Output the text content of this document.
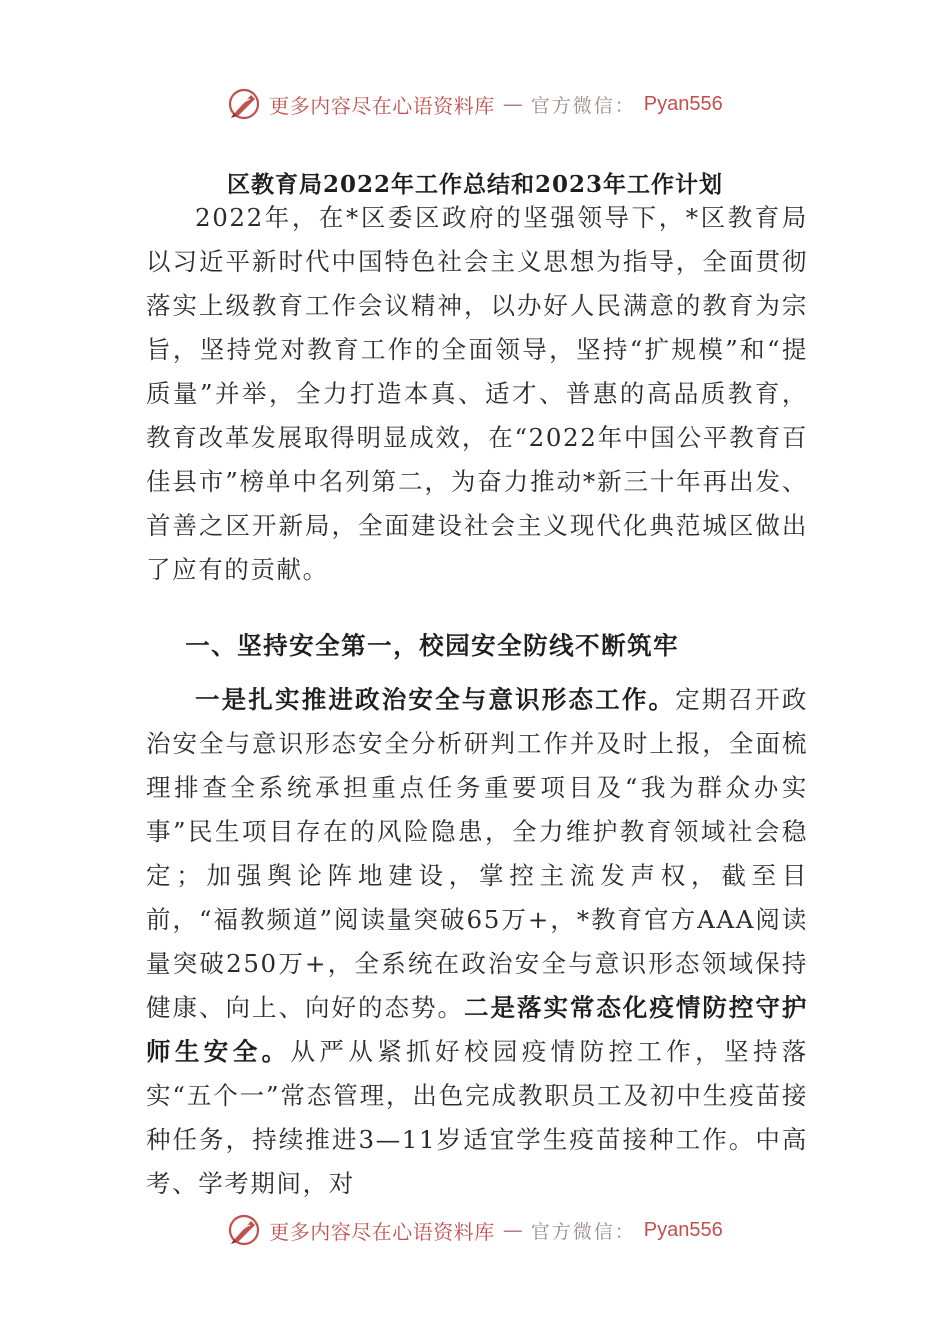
更多内容尽在心语资料库 — 官方微信： Pyan556
区教育局2022年工作总结和2023年工作计划

2022年，在*区委区政府的坚强领导下，*区教育局以习近平新时代中国特色社会主义思想为指导，全面贯彻落实上级教育工作会议精神，以办好人民满意的教育为宗旨，坚持党对教育工作的全面领导，坚持“扩规模”和“提质量”并举，全力打造本真、适才、普惠的高品质教育，教育改革发展取得明显成效，在“2022年中国公平教育百佳县市”榜单中名列第二，为奋力推动*新三十年再出发、首善之区开新局，全面建设社会主义现代化典范城区做出了应有的贡献。

一、坚持安全第一，校园安全防线不断筑牢

一是扎实推进政治安全与意识形态工作。定期召开政治安全与意识形态安全分析研判工作并及时上报，全面梳理排查全系统承担重点任务重要项目及“我为群众办实事”民生项目存在的风险隐患，全力维护教育领域社会稳定；加强舆论阵地建设，掌控主流发声权，截至目前，“福教频道”阅读量突破65万+，*教育官方AAA阅读量突破250万+，全系统在政治安全与意识形态领域保持健康、向上、向好的态势。二是落实常态化疫情防控守护师生安全。从严从紧抓好校园疫情防控工作，坚持落实“五个一”常态管理，出色完成教职员工及初中生疫苗接种任务，持续推进3—11岁适宜学生疫苗接种工作。中高考、学考期间，对

更多内容尽在心语资料库 — 官方微信： Pyan556
